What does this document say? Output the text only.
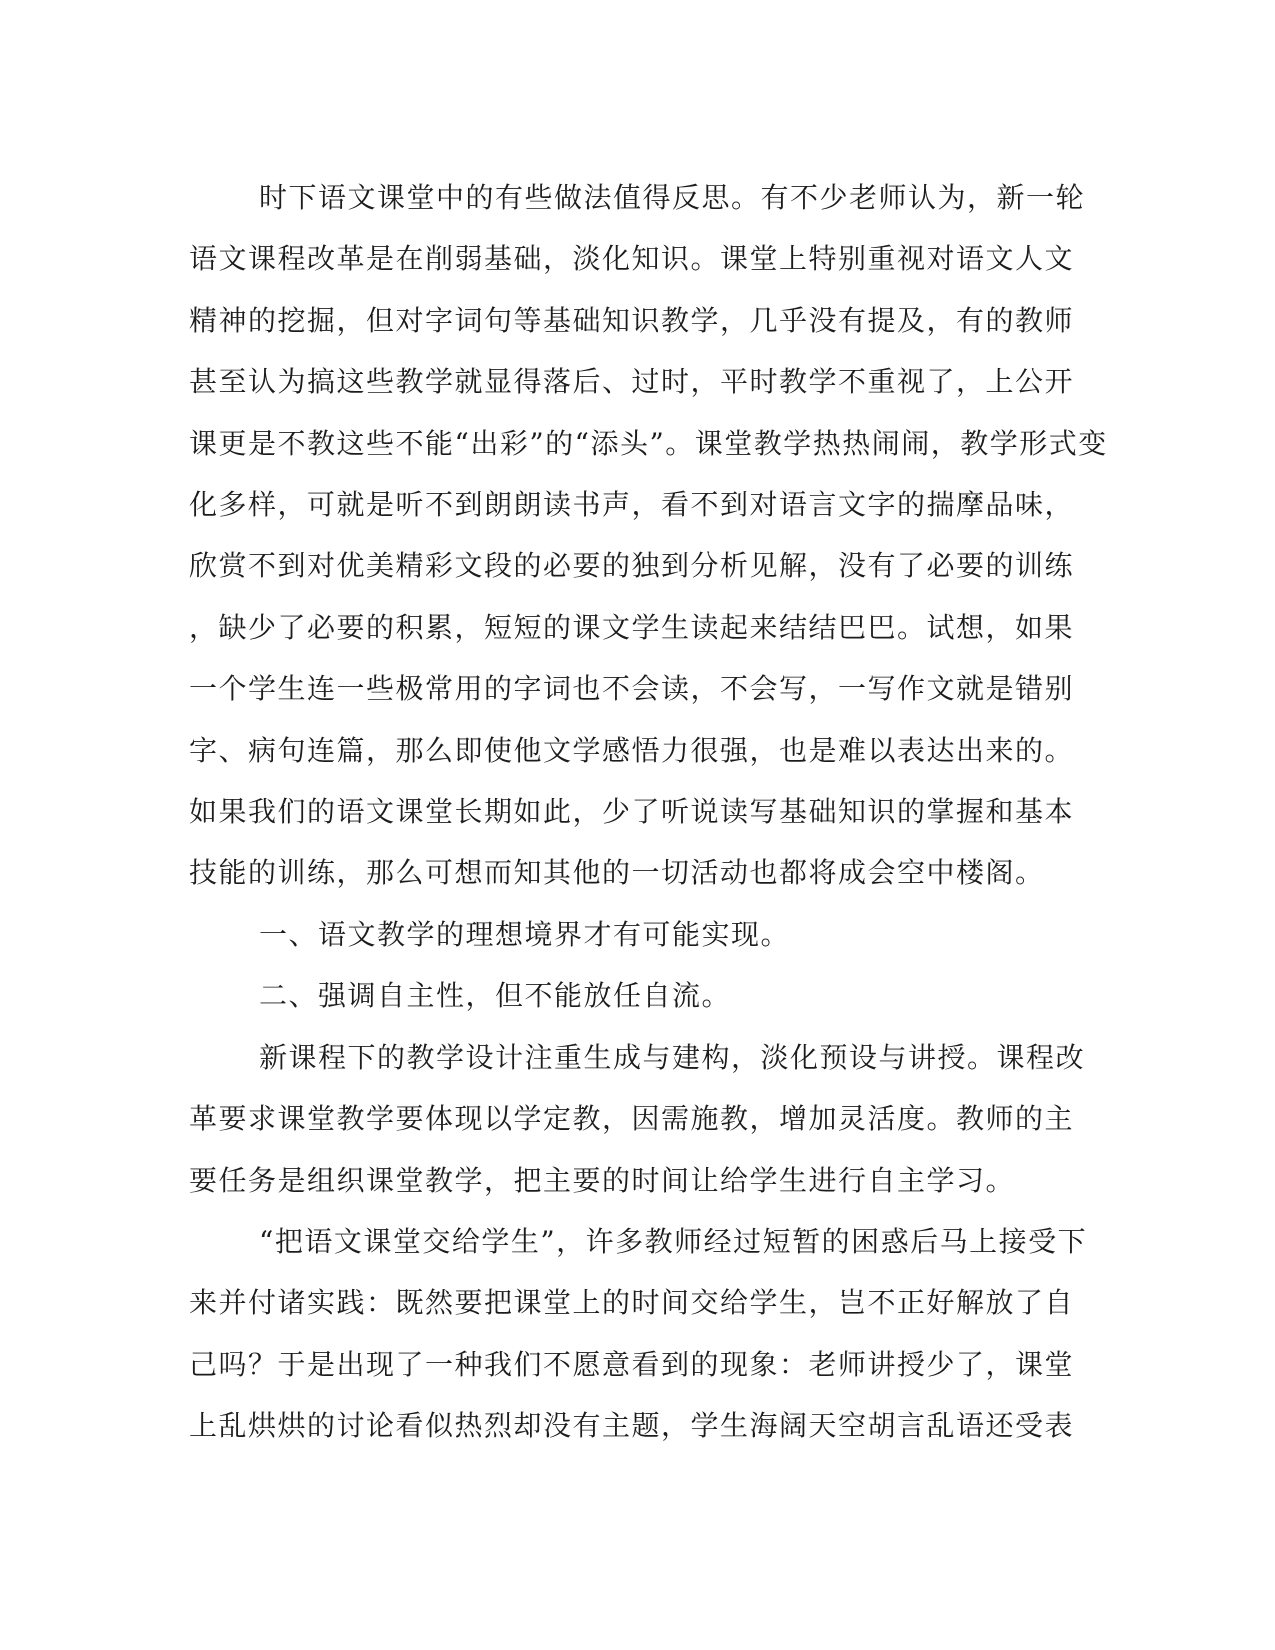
时下语文课堂中的有些做法值得反思。有不少老师认为，新一轮
语文课程改革是在削弱基础，淡化知识。课堂上特别重视对语文人文
精神的挖掘，但对字词句等基础知识教学，几乎没有提及，有的教师
甚至认为搞这些教学就显得落后、过时，平时教学不重视了，上公开
课更是不教这些不能“出彩”的“添头”。课堂教学热热闹闹，教学形式变
化多样，可就是听不到朗朗读书声，看不到对语言文字的揣摩品味，
欣赏不到对优美精彩文段的必要的独到分析见解，没有了必要的训练
，缺少了必要的积累，短短的课文学生读起来结结巴巴。试想，如果
一个学生连一些极常用的字词也不会读，不会写，一写作文就是错别
字、病句连篇，那么即使他文学感悟力很强，也是难以表达出来的。
如果我们的语文课堂长期如此，少了听说读写基础知识的掌握和基本
技能的训练，那么可想而知其他的一切活动也都将成会空中楼阁。

一、语文教学的理想境界才有可能实现。

二、强调自主性，但不能放任自流。

新课程下的教学设计注重生成与建构，淡化预设与讲授。课程改
革要求课堂教学要体现以学定教，因需施教，增加灵活度。教师的主
要任务是组织课堂教学，把主要的时间让给学生进行自主学习。

“把语文课堂交给学生”，许多教师经过短暂的困惑后马上接受下
来并付诸实践：既然要把课堂上的时间交给学生，岂不正好解放了自
己吗？于是出现了一种我们不愿意看到的现象：老师讲授少了，课堂
上乱烘烘的讨论看似热烈却没有主题，学生海阔天空胡言乱语还受表
